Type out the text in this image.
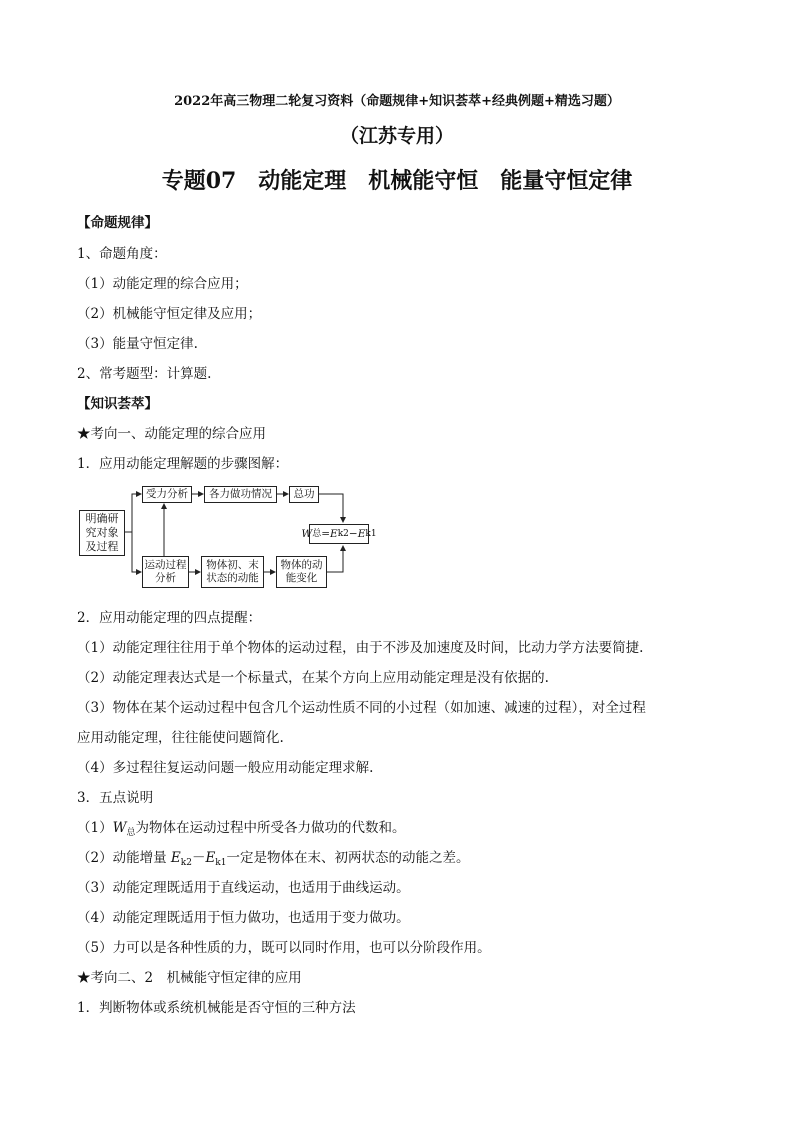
2022年高三物理二轮复习资料（命题规律+知识荟萃+经典例题+精选习题）
（江苏专用）
专题07　动能定理　机械能守恒　能量守恒定律
【命题规律】
1、命题角度：
（1）动能定理的综合应用；
（2）机械能守恒定律及应用；
（3）能量守恒定律.
2、常考题型：计算题.
【知识荟萃】
★考向一、动能定理的综合应用
1．应用动能定理解题的步骤图解：
明确研究对象及过程
受力分析	各力做功情况	总功
W 总 = E k2 − E k1
运动过程分析
物体初、末状态的动能
物体的动能变化
2．应用动能定理的四点提醒：
（1）动能定理往往用于单个物体的运动过程，由于不涉及加速度及时间，比动力学方法要简捷.
（2）动能定理表达式是一个标量式，在某个方向上应用动能定理是没有依据的.
（3）物体在某个运动过程中包含几个运动性质不同的小过程（如加速、减速的过程），对全过程
应用动能定理，往往能使问题简化.
（4）多过程往复运动问题一般应用动能定理求解.
3．五点说明
$(1)W_总$为物体在运动过程中所受各力做功的代数和。
（2）动能增量 $E_{k2}-E_{k1}$一定是物体在末、初两状态的动能之差。
（3）动能定理既适用于直线运动，也适用于曲线运动。
（4）动能定理既适用于恒力做功，也适用于变力做功。
（5）力可以是各种性质的力，既可以同时作用，也可以分阶段作用。
★考向二、2　机械能守恒定律的应用
1．判断物体或系统机械能是否守恒的三种方法
